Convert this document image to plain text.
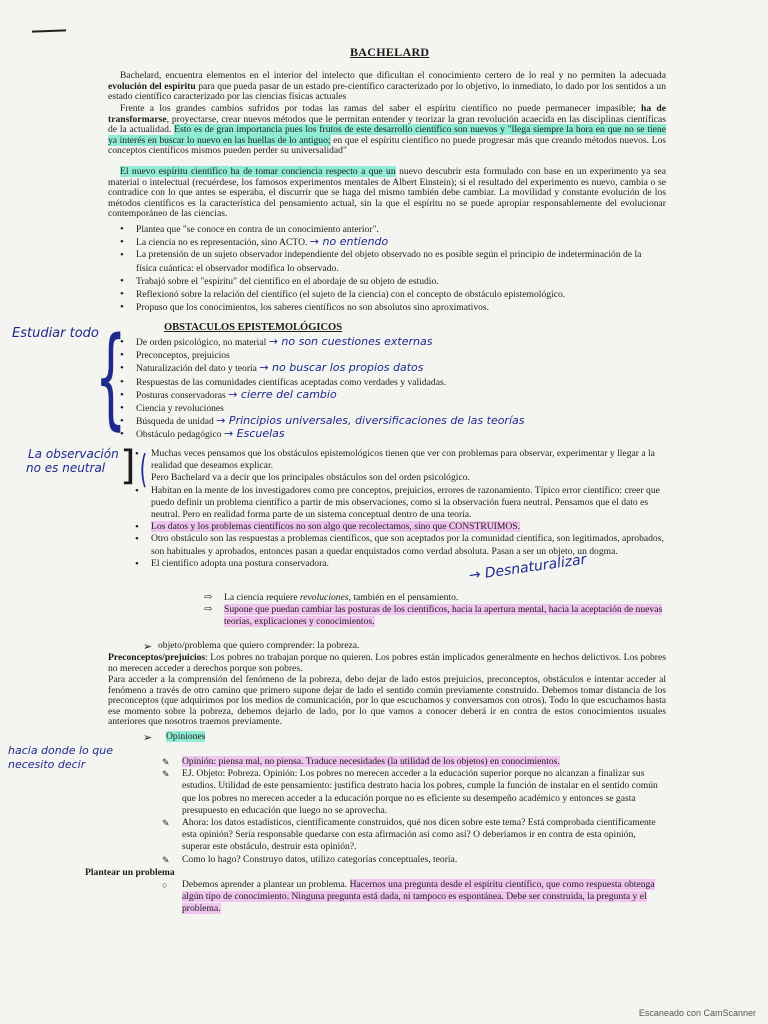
BACHELARD

Bachelard, encuentra elementos en el interior del intelecto que dificultan el conocimiento certero de lo real y no permiten la adecuada evolución del espíritu para que pueda pasar de un estado pre-científico caracterizado por lo objetivo, lo inmediato, lo dado por los sentidos a un estado científico caracterizado por las ciencias físicas actuales

Frente a los grandes cambios sufridos por todas las ramas del saber el espíritu científico no puede permanecer impasible; ha de transformarse, proyectarse, crear nuevos métodos que le permitan entender y teorizar la gran revolución acaecida en las disciplinas científicas de la actualidad. Esto es de gran importancia pues los frutos de este desarrollo científico son nuevos y "llega siempre la hora en que no se tiene ya interés en buscar lo nuevo en las huellas de lo antiguo; en que el espíritu científico no puede progresar más que creando métodos nuevos. Los conceptos científicos mismos pueden perder su universalidad"

El nuevo espíritu científico ha de tomar conciencia respecto a que un nuevo descubrir esta formulado con base en un experimento ya sea material o intelectual (recuérdese, los famosos experimentos mentales de Albert Einstein); si el resultado del experimento es nuevo, cambia o se contradice con lo que antes se esperaba, el discurrir que se haga del mismo también debe cambiar. La movilidad y constante evolución de los métodos científicos es la característica del pensamiento actual, sin la que el espíritu no se puede apropiar responsablemente del evolucionar contemporáneo de las ciencias.

• Plantea que "se conoce en contra de un conocimiento anterior".
• La ciencia no es representación, sino ACTO. → no entiendo
• La pretensión de un sujeto observador independiente del objeto observado no es posible según el principio de indeterminación de la física cuántica: el observador modifica lo observado.
• Trabajó sobre el "espíritu" del científico en el abordaje de su objeto de estudio.
• Reflexionó sobre la relación del científico (el sujeto de la ciencia) con el concepto de obstáculo epistemológico.
• Propuso que los conocimientos, los saberes científicos no son absolutos sino aproximativos.
Estudiar todo
{	OBSTACULOS EPISTEMOLÓGICOS
• De orden psicológico, no material → no son cuestiones externas
• Preconceptos, prejuicios
• Naturalización del dato y teoría → no buscar los propios datos
• Respuestas de las comunidades científicas aceptadas como verdades y validadas.
• Posturas conservadoras → cierre del cambio
• Ciencia y revoluciones
• Búsqueda de unidad → Principios universales, diversificaciones de las teorías
• Obstáculo pedagógico → Escuelas
La observación
no es neutral ] (
• Muchas veces pensamos que los obstáculos epistemológicos tienen que ver con problemas para observar, experimentar y llegar a la realidad que deseamos explicar.
Pero Bachelard va a decir que los principales obstáculos son del orden psicológico.
• Habitan en la mente de los investigadores como pre conceptos, prejuicios, errores de razonamiento. Típico error científico: creer que puedo definir un problema científico a partir de mis observaciones, como si la observación fuera neutral. Pensamos que el dato es neutral. Pero en realidad forma parte de un sistema conceptual dentro de una teoría.
• Los datos y los problemas científicos no son algo que recolectamos, sino que CONSTRUIMOS.
• Otro obstáculo son las respuestas a problemas científicos, que son aceptados por la comunidad científica, son legitimados, aprobados, son habituales y aprobados, entonces pasan a quedar enquistados como verdad absoluta. Pasan a ser un objeto, un dogma.
• El científico adopta una postura conservadora.	→ Desnaturalizar
⇨ La ciencia requiere revoluciones, también en el pensamiento.
⇨ Supone que puedan cambiar las posturas de los científicos, hacia la apertura mental, hacia la aceptación de nuevas teorías, explicaciones y conocimientos.
➢ objeto/problema que quiero comprender: la pobreza.

Preconceptos/prejuicios: Los pobres no trabajan porque no quieren. Los pobres están implicados generalmente en hechos delictivos. Los pobres no merecen acceder a derechos porque son pobres.

Para acceder a la comprensión del fenómeno de la pobreza, debo dejar de lado estos prejuicios, preconceptos, obstáculos e intentar acceder al fenómeno a través de otro camino que primero supone dejar de lado el sentido común previamente construido. Debemos tomar distancia de los preconceptos (que adquirimos por los medios de comunicación, por lo que escuchamos y conversamos con otros). Todo lo que escuchamos hasta ese momento sobre la pobreza, debemos dejarlo de lado, por lo que vamos a conocer deberá ir en contra de estos conocimientos usuales anteriores que nosotros traemos previamente.

hacia donde lo que
necesito decir
➢ Opiniones

✎ Opinión: piensa mal, no piensa. Traduce necesidades (la utilidad de los objetos) en conocimientos.
✎ EJ. Objeto: Pobreza. Opinión: Los pobres no merecen acceder a la educación superior porque no alcanzan a finalizar sus estudios. Utilidad de este pensamiento: justifica destrato hacia los pobres, cumple la función de instalar en el sentido común que los pobres no merecen acceder a la educación porque no es eficiente su desempeño académico y entonces se gasta presupuesto en educación que luego no se aprovecha.
✎ Ahora: los datos estadísticos, científicamente construidos, qué nos dicen sobre este tema? Está comprobada científicamente esta opinión? Sería responsable quedarse con esta afirmación así como así? O deberíamos ir en contra de esta opinión, superar este obstáculo, destruir esta opinión?.
✎ Como lo hago? Construyo datos, utilizo categorías conceptuales, teoría.

Plantear un problema

○ Debemos aprender a plantear un problema. Hacernos una pregunta desde el espíritu científico, que como respuesta obtenga algún tipo de conocimiento. Ninguna pregunta está dada, ni tampoco es espontánea. Debe ser construida, la pregunta y el problema.
Escaneado con CamScanner
